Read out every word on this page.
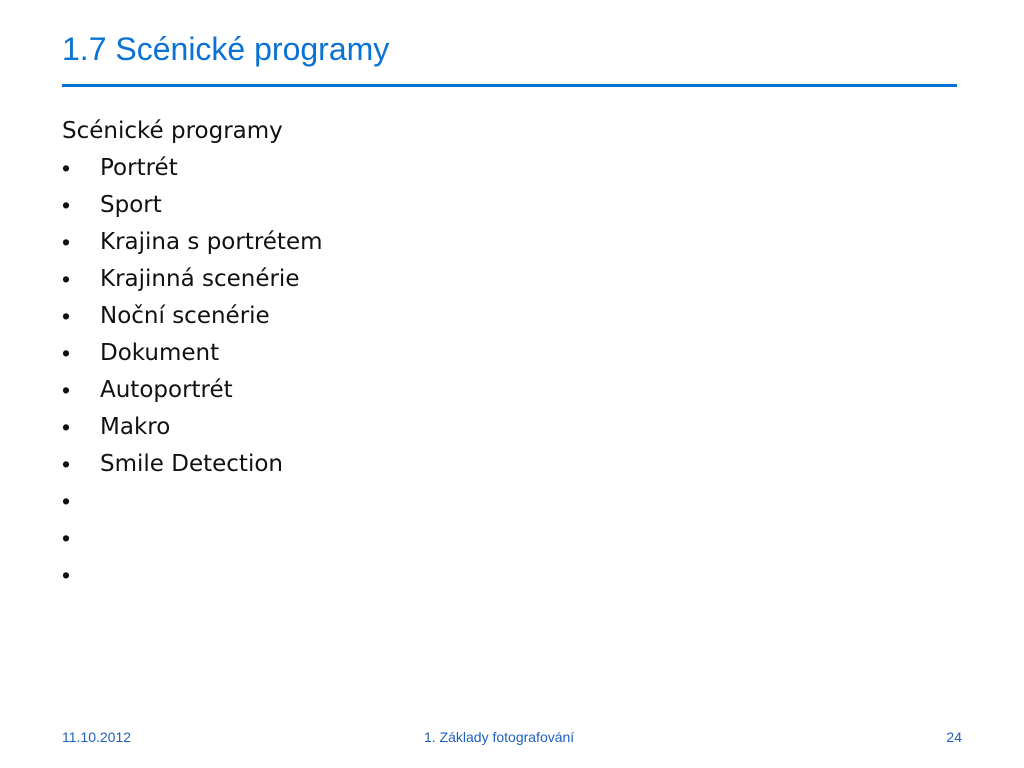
1.7 Scénické programy
Scénické programy
•	Portrét
•	Sport
•	Krajina s portrétem
•	Krajinná scenérie
•	Noční scenérie
•	Dokument
•	Autoportrét
•	Makro
•	Smile Detection
•
•
•
11.10.2012	1. Základy fotografování	24
